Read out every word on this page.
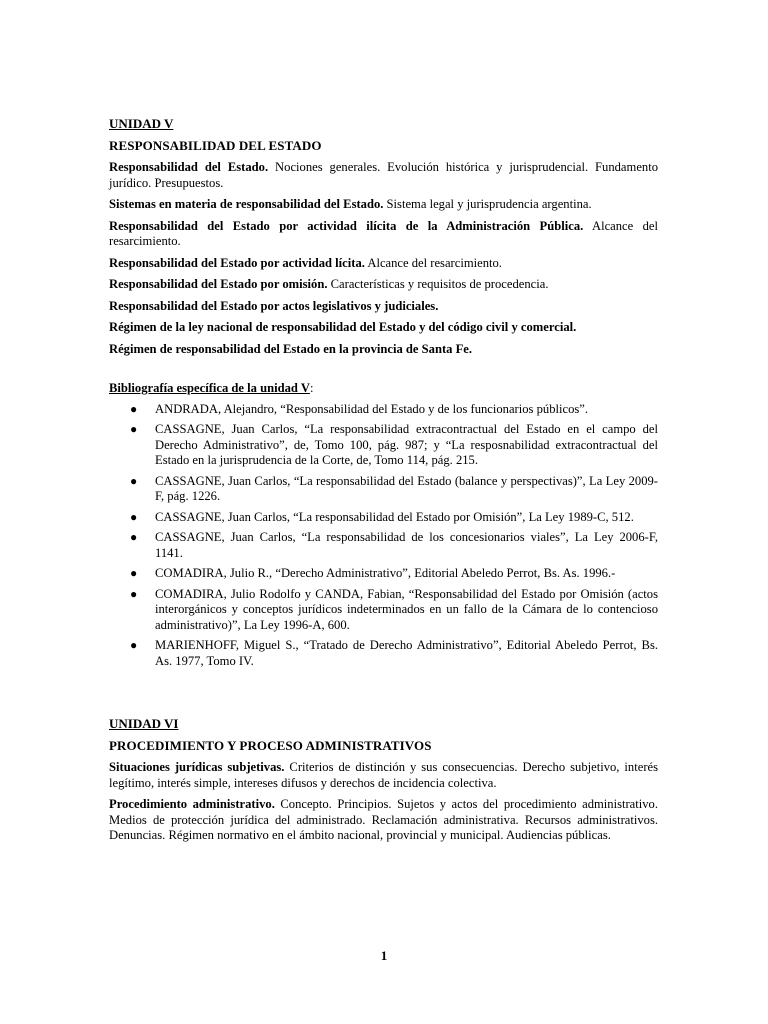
UNIDAD V

RESPONSABILIDAD DEL ESTADO

Responsabilidad del Estado. Nociones generales. Evolución histórica y jurisprudencial. Fundamento jurídico. Presupuestos.

Sistemas en materia de responsabilidad del Estado. Sistema legal y jurisprudencia argentina.

Responsabilidad del Estado por actividad ilícita de la Administración Pública. Alcance del resarcimiento.

Responsabilidad del Estado por actividad lícita. Alcance del resarcimiento.

Responsabilidad del Estado por omisión. Características y requisitos de procedencia.

Responsabilidad del Estado por actos legislativos y judiciales.

Régimen de la ley nacional de responsabilidad del Estado y del código civil y comercial.

Régimen de responsabilidad del Estado en la provincia de Santa Fe.

Bibliografía específica de la unidad V:

● ANDRADA, Alejandro, “Responsabilidad del Estado y de los funcionarios públicos”.
● CASSAGNE, Juan Carlos, “La responsabilidad extracontractual del Estado en el campo del Derecho Administrativo”, de, Tomo 100, pág. 987; y “La resposnabilidad extracontractual del Estado en la jurisprudencia de la Corte, de, Tomo 114, pág. 215.
● CASSAGNE, Juan Carlos, “La responsabilidad del Estado (balance y perspectivas)”, La Ley 2009-F, pág. 1226.
● CASSAGNE, Juan Carlos, “La responsabilidad del Estado por Omisión”, La Ley 1989-C, 512.
● CASSAGNE, Juan Carlos, “La responsabilidad de los concesionarios viales”, La Ley 2006-F, 1141.
● COMADIRA, Julio R., “Derecho Administrativo”, Editorial Abeledo Perrot, Bs. As. 1996.-
● COMADIRA, Julio Rodolfo y CANDA, Fabian, “Responsabilidad del Estado por Omisión (actos interorgánicos y conceptos jurídicos indeterminados en un fallo de la Cámara de lo contencioso administrativo)”, La Ley 1996-A, 600.
● MARIENHOFF, Miguel S., “Tratado de Derecho Administrativo”, Editorial Abeledo Perrot, Bs. As. 1977, Tomo IV.

UNIDAD VI

PROCEDIMIENTO Y PROCESO ADMINISTRATIVOS

Situaciones jurídicas subjetivas. Criterios de distinción y sus consecuencias. Derecho subjetivo, interés legítimo, interés simple, intereses difusos y derechos de incidencia colectiva.

Procedimiento administrativo. Concepto. Principios. Sujetos y actos del procedimiento administrativo. Medios de protección jurídica del administrado. Reclamación administrativa. Recursos administrativos. Denuncias. Régimen normativo en el ámbito nacional, provincial y municipal. Audiencias públicas.

1
